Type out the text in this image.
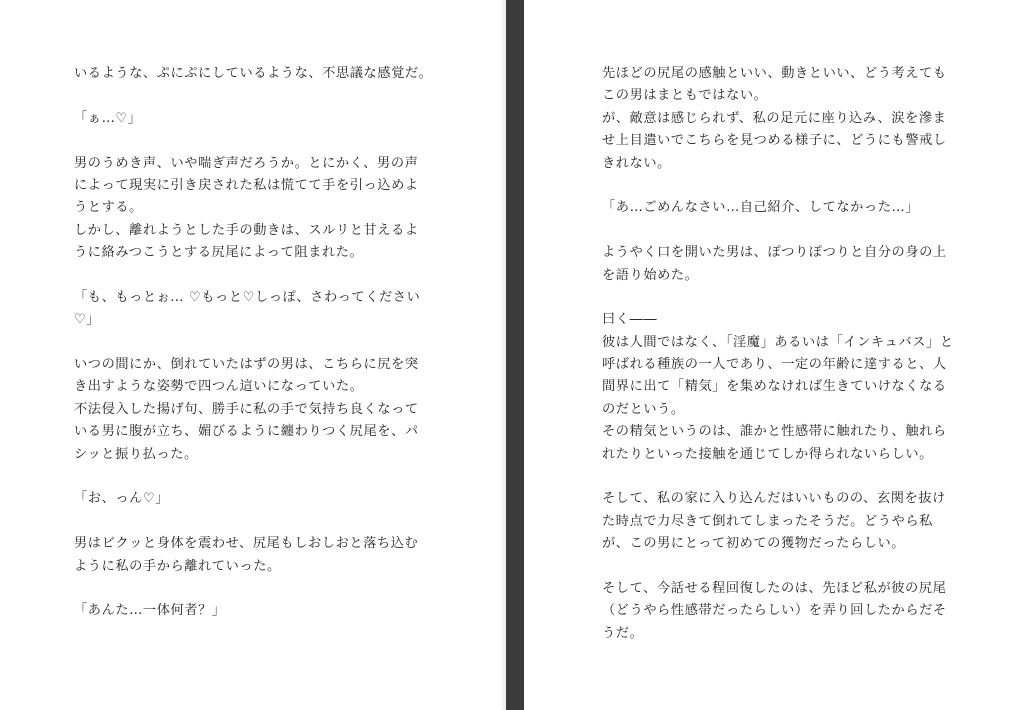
いるような、ぷにぷにしているような、不思議な感覚だ。
「ぁ…♡」
男のうめき声、いや喘ぎ声だろうか。とにかく、男の声
によって現実に引き戻された私は慌てて手を引っ込めよ
うとする。
しかし、離れようとした手の動きは、スルリと甘えるよ
うに絡みつこうとする尻尾によって阻まれた。
「も、もっとぉ… ♡もっと♡しっぽ、さわってください
♡」
いつの間にか、倒れていたはずの男は、こちらに尻を突
き出すような姿勢で四つん這いになっていた。
不法侵入した揚げ句、勝手に私の手で気持ち良くなって
いる男に腹が立ち、媚びるように纏わりつく尻尾を、パ
シッと振り払った。
「お、っん♡」
男はビクッと身体を震わせ、尻尾もしおしおと落ち込む
ように私の手から離れていった。
「あんた…一体何者？」
先ほどの尻尾の感触といい、動きといい、どう考えても
この男はまともではない。
が、敵意は感じられず、私の足元に座り込み、涙を滲ま
せ上目遣いでこちらを見つめる様子に、どうにも警戒し
きれない。
「あ…ごめんなさい…自己紹介、してなかった…」
ようやく口を開いた男は、ぽつりぽつりと自分の身の上
を語り始めた。
曰く――
彼は人間ではなく、「淫魔」あるいは「インキュバス」と
呼ばれる種族の一人であり、一定の年齢に達すると、人
間界に出て「精気」を集めなければ生きていけなくなる
のだという。
その精気というのは、誰かと性感帯に触れたり、触れら
れたりといった接触を通じてしか得られないらしい。
そして、私の家に入り込んだはいいものの、玄関を抜け
た時点で力尽きて倒れてしまったそうだ。どうやら私
が、この男にとって初めての獲物だったらしい。
そして、今話せる程回復したのは、先ほど私が彼の尻尾
（どうやら性感帯だったらしい）を弄り回したからだそ
うだ。
